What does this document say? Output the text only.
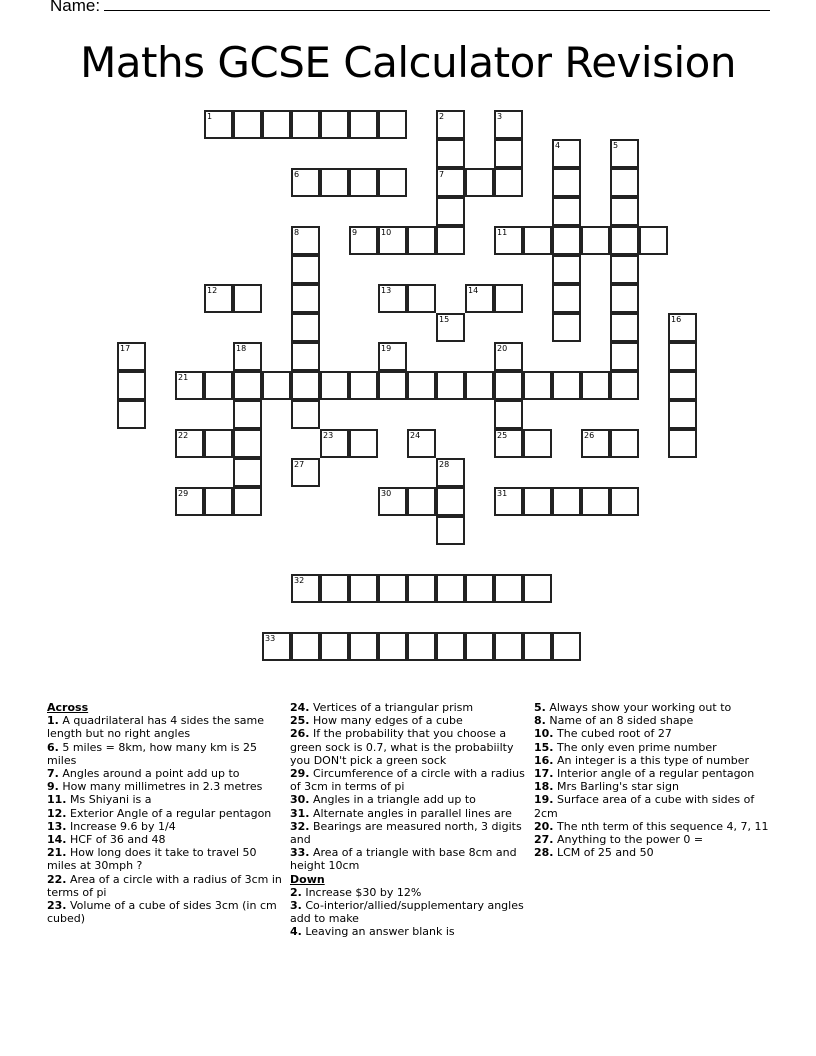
Name:
Maths GCSE Calculator Revision
1	2
7
3
4	5
6
8	9	10	11
12	13	14
15	16
17	18	19	20
25
21
22	23	24	26
27	28
29	30	31
32
33
Across
1. A quadrilateral has 4 sides the same length but no right angles
6. 5 miles = 8km, how many km is 25 miles
7. Angles around a point add up to
9. How many millimetres in 2.3 metres
11. Ms Shiyani is a
12. Exterior Angle of a regular pentagon
13. Increase 9.6 by 1/4
14. HCF of 36 and 48
21. How long does it take to travel 50 miles at 30mph ?
22. Area of a circle with a radius of 3cm in terms of pi
23. Volume of a cube of sides 3cm (in cm cubed)
24. Vertices of a triangular prism
25. How many edges of a cube
26. If the probability that you choose a green sock is 0.7, what is the probabiilty you DON't pick a green sock
29. Circumference of a circle with a radius of 3cm in terms of pi
30. Angles in a triangle add up to
31. Alternate angles in parallel lines are
32. Bearings are measured north, 3 digits and
33. Area of a triangle with base 8cm and height 10cm
Down
2. Increase $30 by 12%
3. Co-interior/allied/supplementary angles add to make
4. Leaving an answer blank is
5. Always show your working out to
8. Name of an 8 sided shape
10. The cubed root of 27
15. The only even prime number
16. An integer is a this type of number
17. Interior angle of a regular pentagon
18. Mrs Barling's star sign
19. Surface area of a cube with sides of 2cm
20. The nth term of this sequence 4, 7, 11
27. Anything to the power 0 =
28. LCM of 25 and 50
